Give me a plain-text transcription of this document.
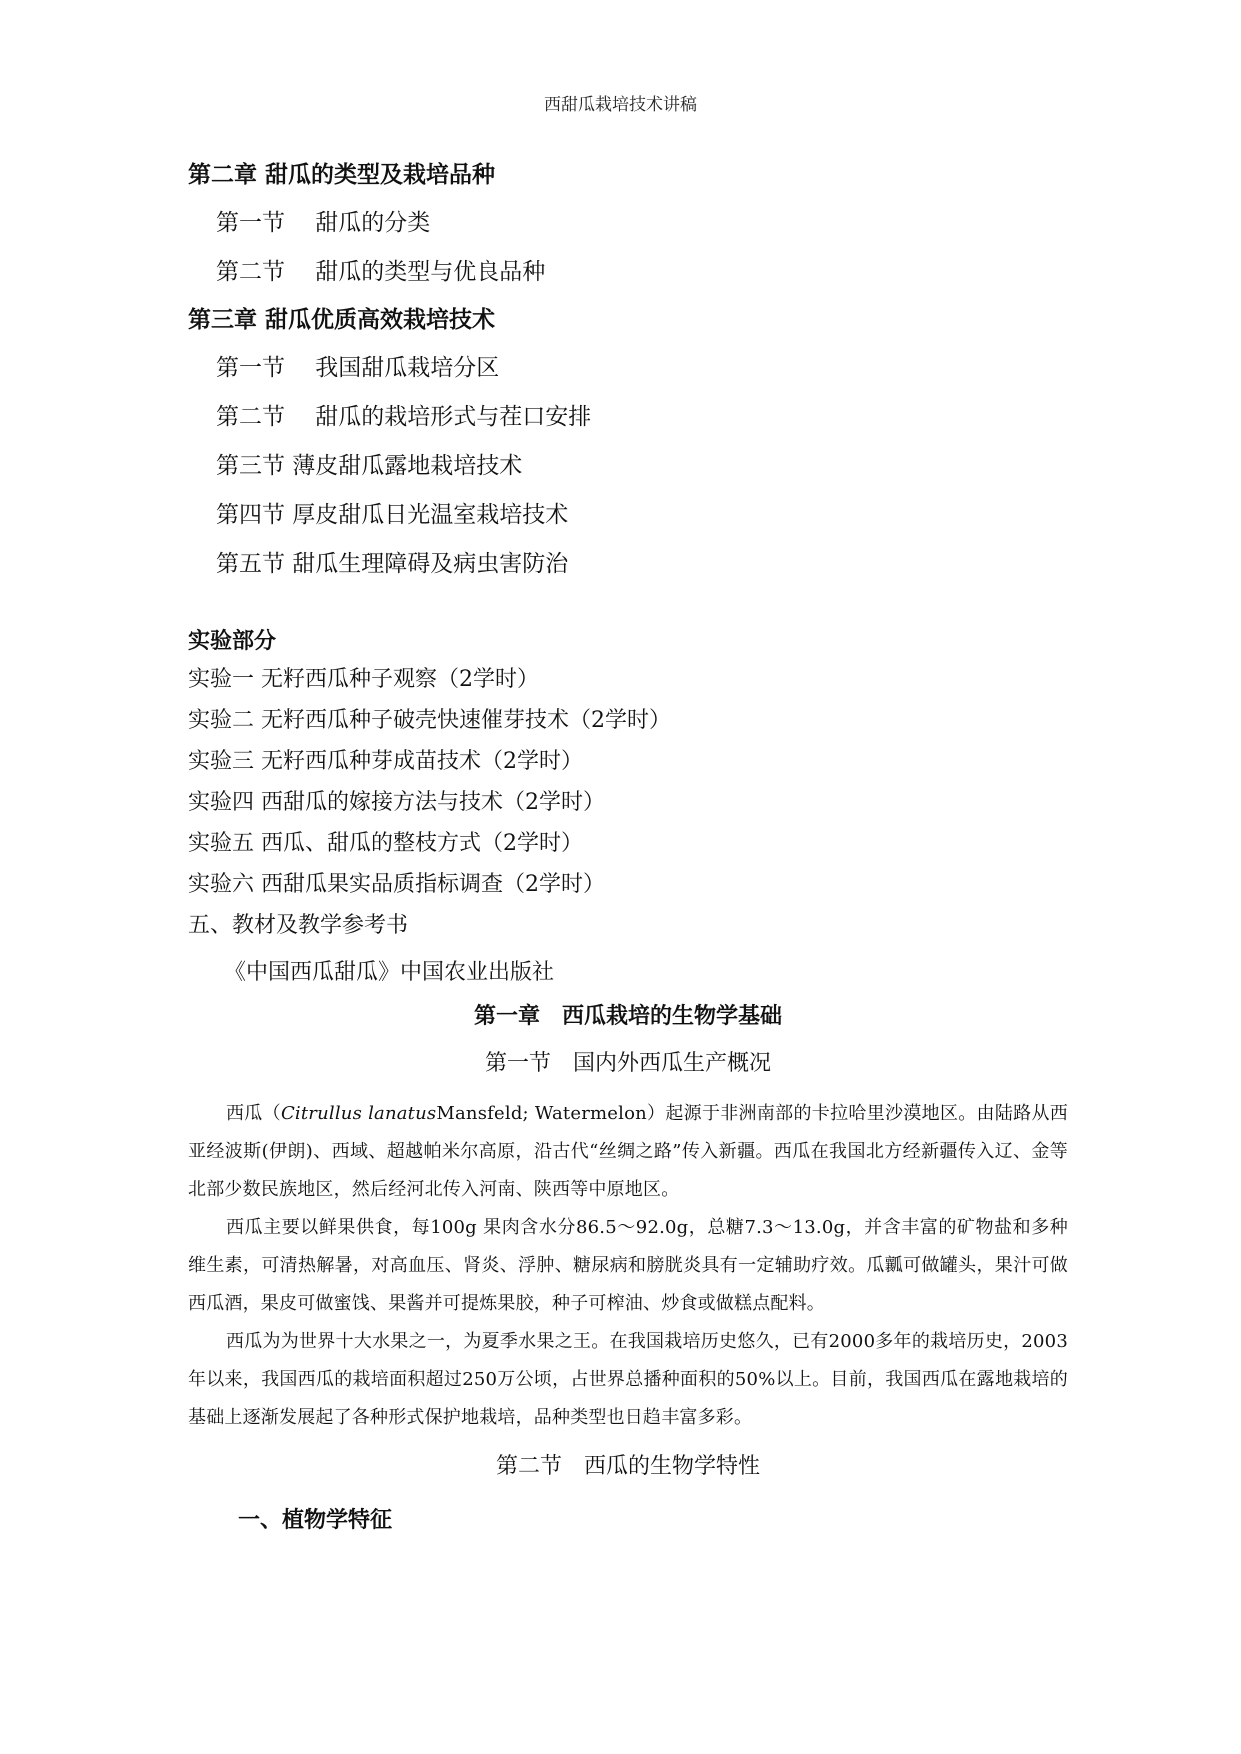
西甜瓜栽培技术讲稿

第二章 甜瓜的类型及栽培品种

第一节　 甜瓜的分类

第二节　 甜瓜的类型与优良品种

第三章 甜瓜优质高效栽培技术

第一节　 我国甜瓜栽培分区

第二节　 甜瓜的栽培形式与茬口安排

第三节 薄皮甜瓜露地栽培技术

第四节 厚皮甜瓜日光温室栽培技术

第五节 甜瓜生理障碍及病虫害防治

实验部分

实验一 无籽西瓜种子观察（2学时）

实验二 无籽西瓜种子破壳快速催芽技术（2学时）

实验三 无籽西瓜种芽成苗技术（2学时）

实验四 西甜瓜的嫁接方法与技术（2学时）

实验五 西瓜、甜瓜的整枝方式（2学时）

实验六 西甜瓜果实品质指标调查（2学时）

五、教材及教学参考书

《中国西瓜甜瓜》中国农业出版社

第一章　西瓜栽培的生物学基础

第一节　国内外西瓜生产概况

西瓜（Citrullus lanatusMansfeld; Watermelon）起源于非洲南部的卡拉哈里沙漠地区。由陆路从西亚经波斯(伊朗)、西域、超越帕米尔高原，沿古代“丝绸之路”传入新疆。西瓜在我国北方经新疆传入辽、金等北部少数民族地区，然后经河北传入河南、陕西等中原地区。

西瓜主要以鲜果供食，每100g 果肉含水分86.5～92.0g，总糖7.3～13.0g，并含丰富的矿物盐和多种维生素，可清热解暑，对高血压、肾炎、浮肿、糖尿病和膀胱炎具有一定辅助疗效。瓜瓤可做罐头，果汁可做西瓜酒，果皮可做蜜饯、果酱并可提炼果胶，种子可榨油、炒食或做糕点配料。

西瓜为为世界十大水果之一，为夏季水果之王。在我国栽培历史悠久，已有2000多年的栽培历史，2003年以来，我国西瓜的栽培面积超过250万公顷，占世界总播种面积的50%以上。目前，我国西瓜在露地栽培的基础上逐渐发展起了各种形式保护地栽培，品种类型也日趋丰富多彩。

第二节　西瓜的生物学特性

一、植物学特征
